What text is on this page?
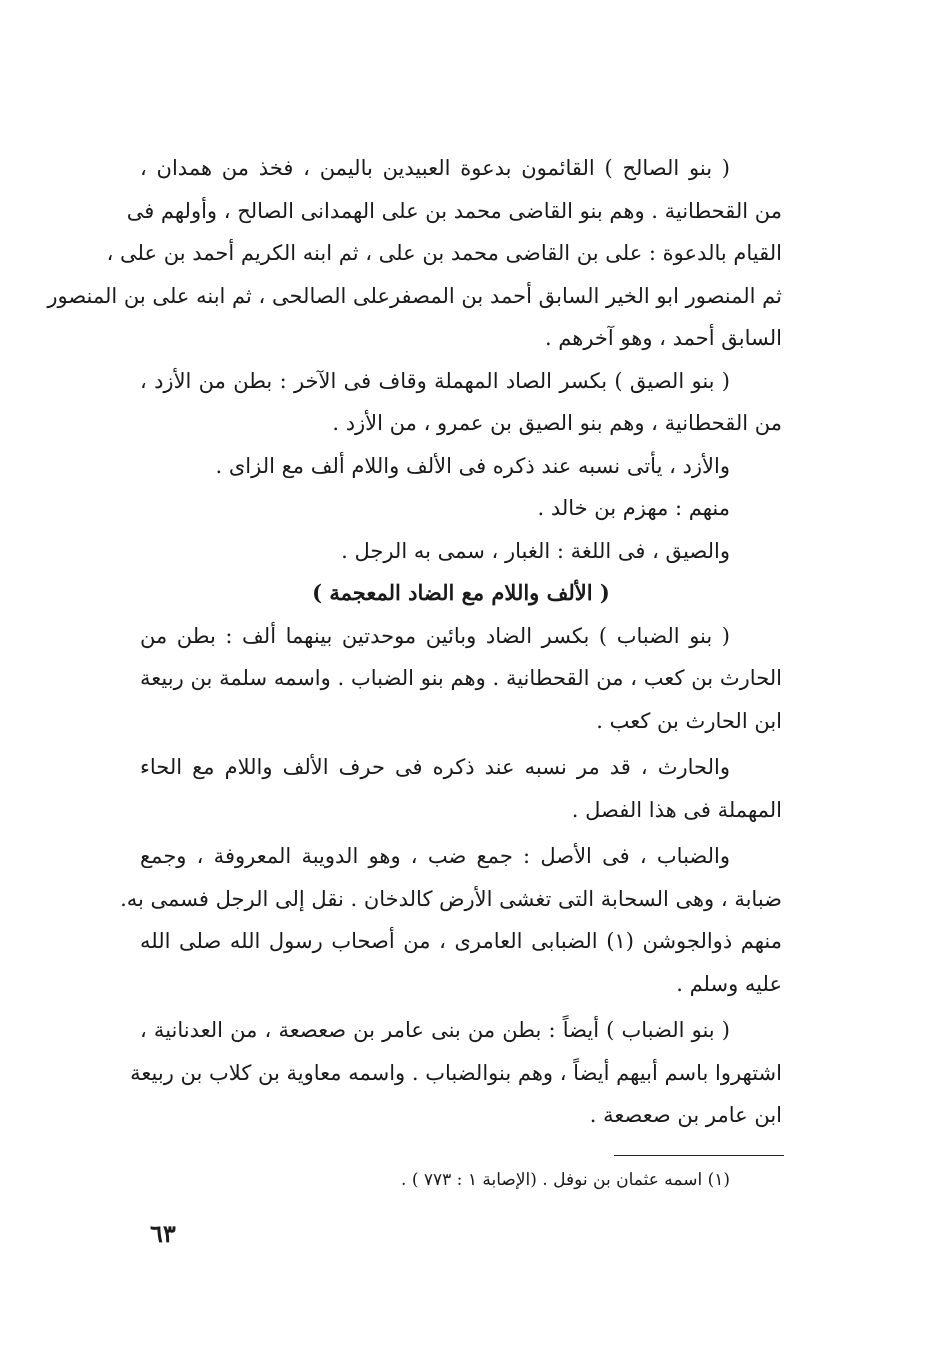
( بنو الصالح ) القائمون بدعوة العبيدين باليمن ، فخذ من همدان ،
من القحطانية . وهم بنو القاضى محمد بن على الهمدانى الصالح ، وأولهم فى
القيام بالدعوة : على بن القاضى محمد بن على ، ثم ابنه الكريم أحمد بن على ،
ثم المنصور ابو الخير السابق أحمد بن المصفرعلى الصالحى ، ثم ابنه على بن المنصور
السابق أحمد ، وهو آخرهم .
( بنو الصيق ) بكسر الصاد المهملة وقاف فى الآخر : بطن من الأزد ،
من القحطانية ، وهم بنو الصيق بن عمرو ، من الأزد .
والأزد ، يأتى نسبه عند ذكره فى الألف واللام ألف مع الزاى .
منهم : مهزم بن خالد .
والصيق ، فى اللغة : الغبار ، سمى به الرجل .
( الألف واللام مع الضاد المعجمة )
( بنو الضباب ) بكسر الضاد وبائين موحدتين بينهما ألف : بطن من
الحارث بن كعب ، من القحطانية . وهم بنو الضباب . واسمه سلمة بن ربيعة
ابن الحارث بن كعب .
والحارث ، قد مر نسبه عند ذكره فى حرف الألف واللام مع الحاء
المهملة فى هذا الفصل .
والضباب ، فى الأصل : جمع ضب ، وهو الدويبة المعروفة ، وجمع
ضبابة ، وهى السحابة التى تغشى الأرض كالدخان . نقل إلى الرجل فسمى به.
منهم ذوالجوشن (١) الضبابى العامرى ، من أصحاب رسول الله صلى الله
عليه وسلم .
( بنو الضباب ) أيضاً : بطن من بنى عامر بن صعصعة ، من العدنانية ،
اشتهروا باسم أبيهم أيضاً ، وهم بنوالضباب . واسمه معاوية بن كلاب بن ربيعة
ابن عامر بن صعصعة .
(١) اسمه عثمان بن نوفل . (الإصابة ١ : ٧٧٣ ) .
٦٣
